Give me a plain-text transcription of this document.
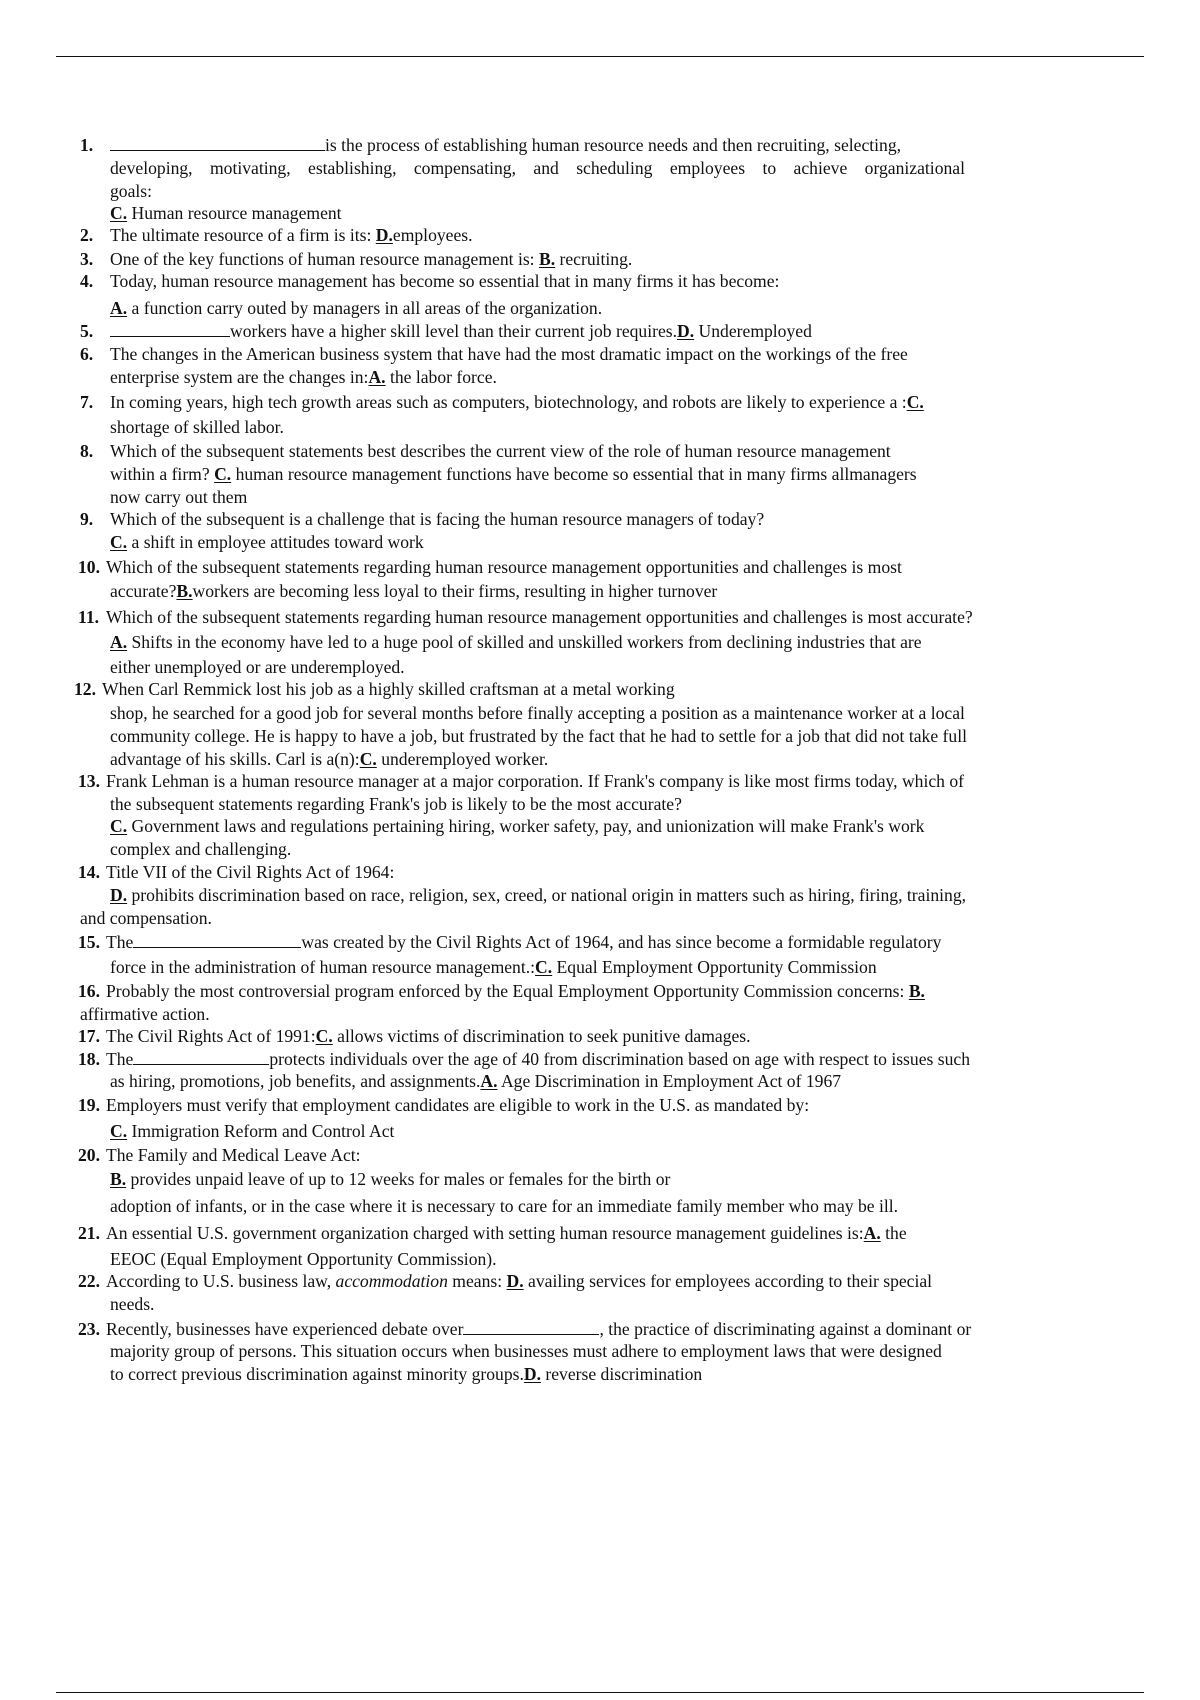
1.	is the process of establishing human resource needs and then recruiting, selecting,
developing, motivating, establishing, compensating, and scheduling employees to achieve organizational
goals:
C. Human resource management
2. The ultimate resource of a firm is its: D.employees.
3. One of the key functions of human resource management is: B. recruiting.
4. Today, human resource management has become so essential that in many firms it has become:
A. a function carry outed by managers in all areas of the organization.
5.	workers have a higher skill level than their current job requires.D. Underemployed
6. The changes in the American business system that have had the most dramatic impact on the workings of the free
enterprise system are the changes in:A. the labor force.
7. In coming years, high tech growth areas such as computers, biotechnology, and robots are likely to experience a :C.
shortage of skilled labor.
8. Which of the subsequent statements best describes the current view of the role of human resource management
within a firm? C. human resource management functions have become so essential that in many firms allmanagers
now carry out them
9. Which of the subsequent is a challenge that is facing the human resource managers of today?
C. a shift in employee attitudes toward work
10. Which of the subsequent statements regarding human resource management opportunities and challenges is most
accurate?B.workers are becoming less loyal to their firms, resulting in higher turnover
11. Which of the subsequent statements regarding human resource management opportunities and challenges is most accurate?
A. Shifts in the economy have led to a huge pool of skilled and unskilled workers from declining industries that are
either unemployed or are underemployed.
12. When Carl Remmick lost his job as a highly skilled craftsman at a metal working
shop, he searched for a good job for several months before finally accepting a position as a maintenance worker at a local
community college. He is happy to have a job, but frustrated by the fact that he had to settle for a job that did not take full
advantage of his skills. Carl is a(n):C. underemployed worker.
13. Frank Lehman is a human resource manager at a major corporation. If Frank's company is like most firms today, which of
the subsequent statements regarding Frank's job is likely to be the most accurate?
C. Government laws and regulations pertaining hiring, worker safety, pay, and unionization will make Frank's work
complex and challenging.
14. Title VII of the Civil Rights Act of 1964:
D. prohibits discrimination based on race, religion, sex, creed, or national origin in matters such as hiring, firing, training,
and compensation.
15. The	was created by the Civil Rights Act of 1964, and has since become a formidable regulatory
force in the administration of human resource management.:C. Equal Employment Opportunity Commission
16. Probably the most controversial program enforced by the Equal Employment Opportunity Commission concerns: B.
affirmative action.
17. The Civil Rights Act of 1991:C. allows victims of discrimination to seek punitive damages.
18. The	protects individuals over the age of 40 from discrimination based on age with respect to issues such
as hiring, promotions, job benefits, and assignments.A. Age Discrimination in Employment Act of 1967
19. Employers must verify that employment candidates are eligible to work in the U.S. as mandated by:
C. Immigration Reform and Control Act
20. The Family and Medical Leave Act:
B. provides unpaid leave of up to 12 weeks for males or females for the birth or
adoption of infants, or in the case where it is necessary to care for an immediate family member who may be ill.
21. An essential U.S. government organization charged with setting human resource management guidelines is:A. the
EEOC (Equal Employment Opportunity Commission).
22. According to U.S. business law, accommodation means: D. availing services for employees according to their special
needs.
23. Recently, businesses have experienced debate over	, the practice of discriminating against a dominant or
majority group of persons. This situation occurs when businesses must adhere to employment laws that were designed
to correct previous discrimination against minority groups.D. reverse discrimination
